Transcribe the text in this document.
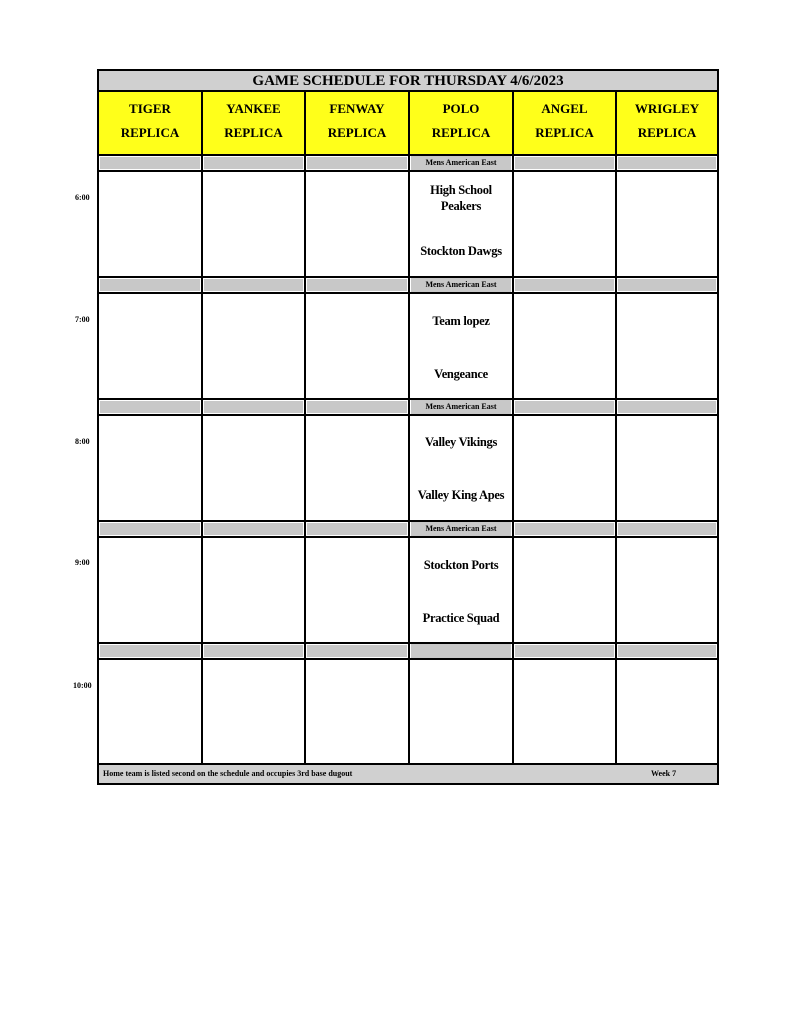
6:00
7:00
8:00
9:00
10:00
GAME SCHEDULE FOR THURSDAY 4/6/2023
TIGER
REPLICA
YANKEE
REPLICA
FENWAY
REPLICA
POLO
REPLICA
ANGEL
REPLICA
WRIGLEY
REPLICA
Mens American East
High School Peakers
Stockton Dawgs
Mens American East
Team lopez
Vengeance
Mens American East
Valley Vikings
Valley King Apes
Mens American East
Stockton Ports
Practice Squad
Home team is listed second on the schedule and occupies 3rd base dugout	Week 7
